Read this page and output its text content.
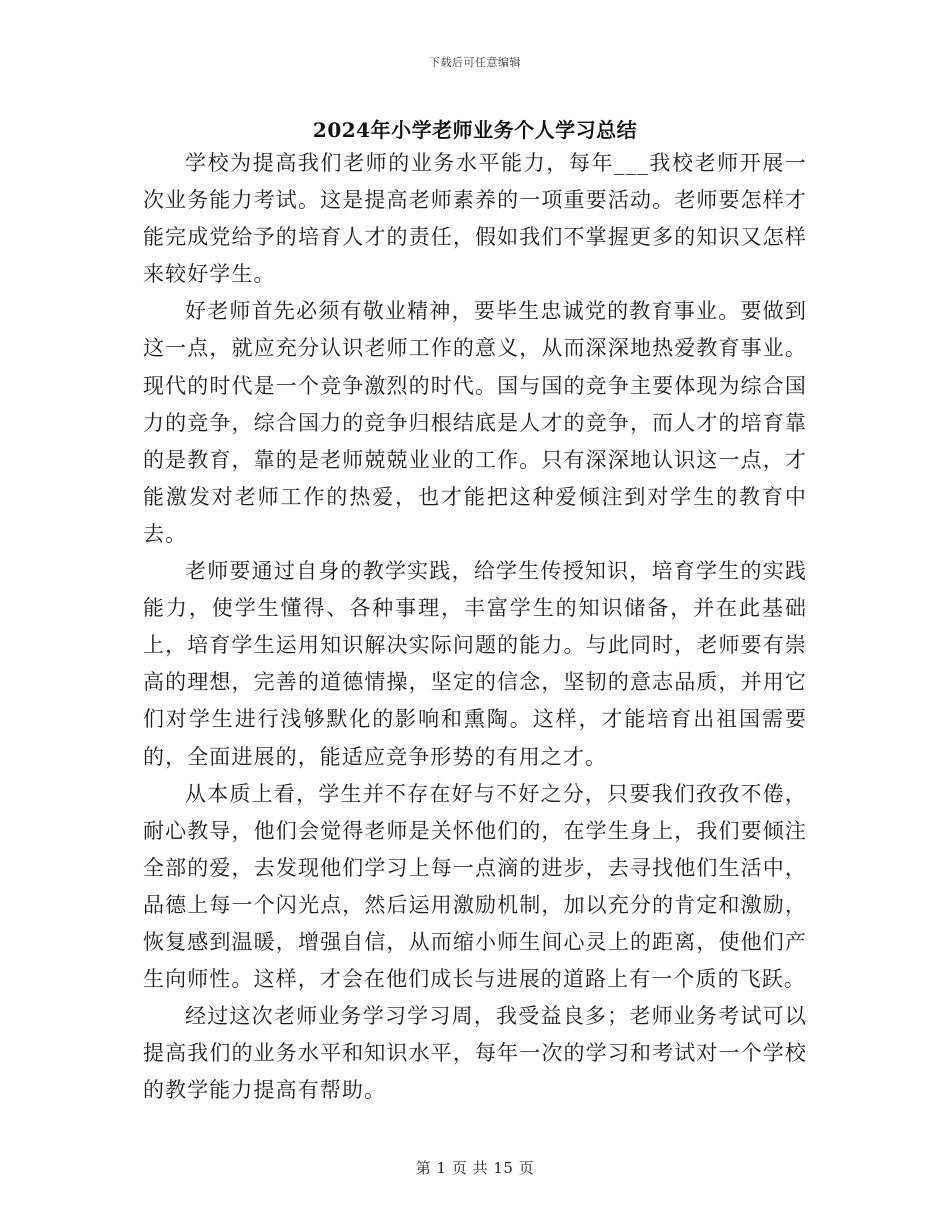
下载后可任意编辑
2024年小学老师业务个人学习总结

学校为提高我们老师的业务水平能力，每年___我校老师开展一次业务能力考试。这是提高老师素养的一项重要活动。老师要怎样才能完成党给予的培育人才的责任，假如我们不掌握更多的知识又怎样来较好学生。

好老师首先必须有敬业精神，要毕生忠诚党的教育事业。要做到这一点，就应充分认识老师工作的意义，从而深深地热爱教育事业。现代的时代是一个竞争激烈的时代。国与国的竞争主要体现为综合国力的竞争，综合国力的竞争归根结底是人才的竞争，而人才的培育靠的是教育，靠的是老师兢兢业业的工作。只有深深地认识这一点，才能激发对老师工作的热爱，也才能把这种爱倾注到对学生的教育中去。

老师要通过自身的教学实践，给学生传授知识，培育学生的实践能力，使学生懂得、各种事理，丰富学生的知识储备，并在此基础上，培育学生运用知识解决实际问题的能力。与此同时，老师要有崇高的理想，完善的道德情操，坚定的信念，坚韧的意志品质，并用它们对学生进行浅够默化的影响和熏陶。这样，才能培育出祖国需要的，全面进展的，能适应竞争形势的有用之才。

从本质上看，学生并不存在好与不好之分，只要我们孜孜不倦，耐心教导，他们会觉得老师是关怀他们的，在学生身上，我们要倾注全部的爱，去发现他们学习上每一点滴的进步，去寻找他们生活中，品德上每一个闪光点，然后运用激励机制，加以充分的肯定和激励，恢复感到温暖，增强自信，从而缩小师生间心灵上的距离，使他们产生向师性。这样，才会在他们成长与进展的道路上有一个质的飞跃。

经过这次老师业务学习学习周，我受益良多；老师业务考试可以提高我们的业务水平和知识水平，每年一次的学习和考试对一个学校的教学能力提高有帮助。

第 1 页 共 15 页
